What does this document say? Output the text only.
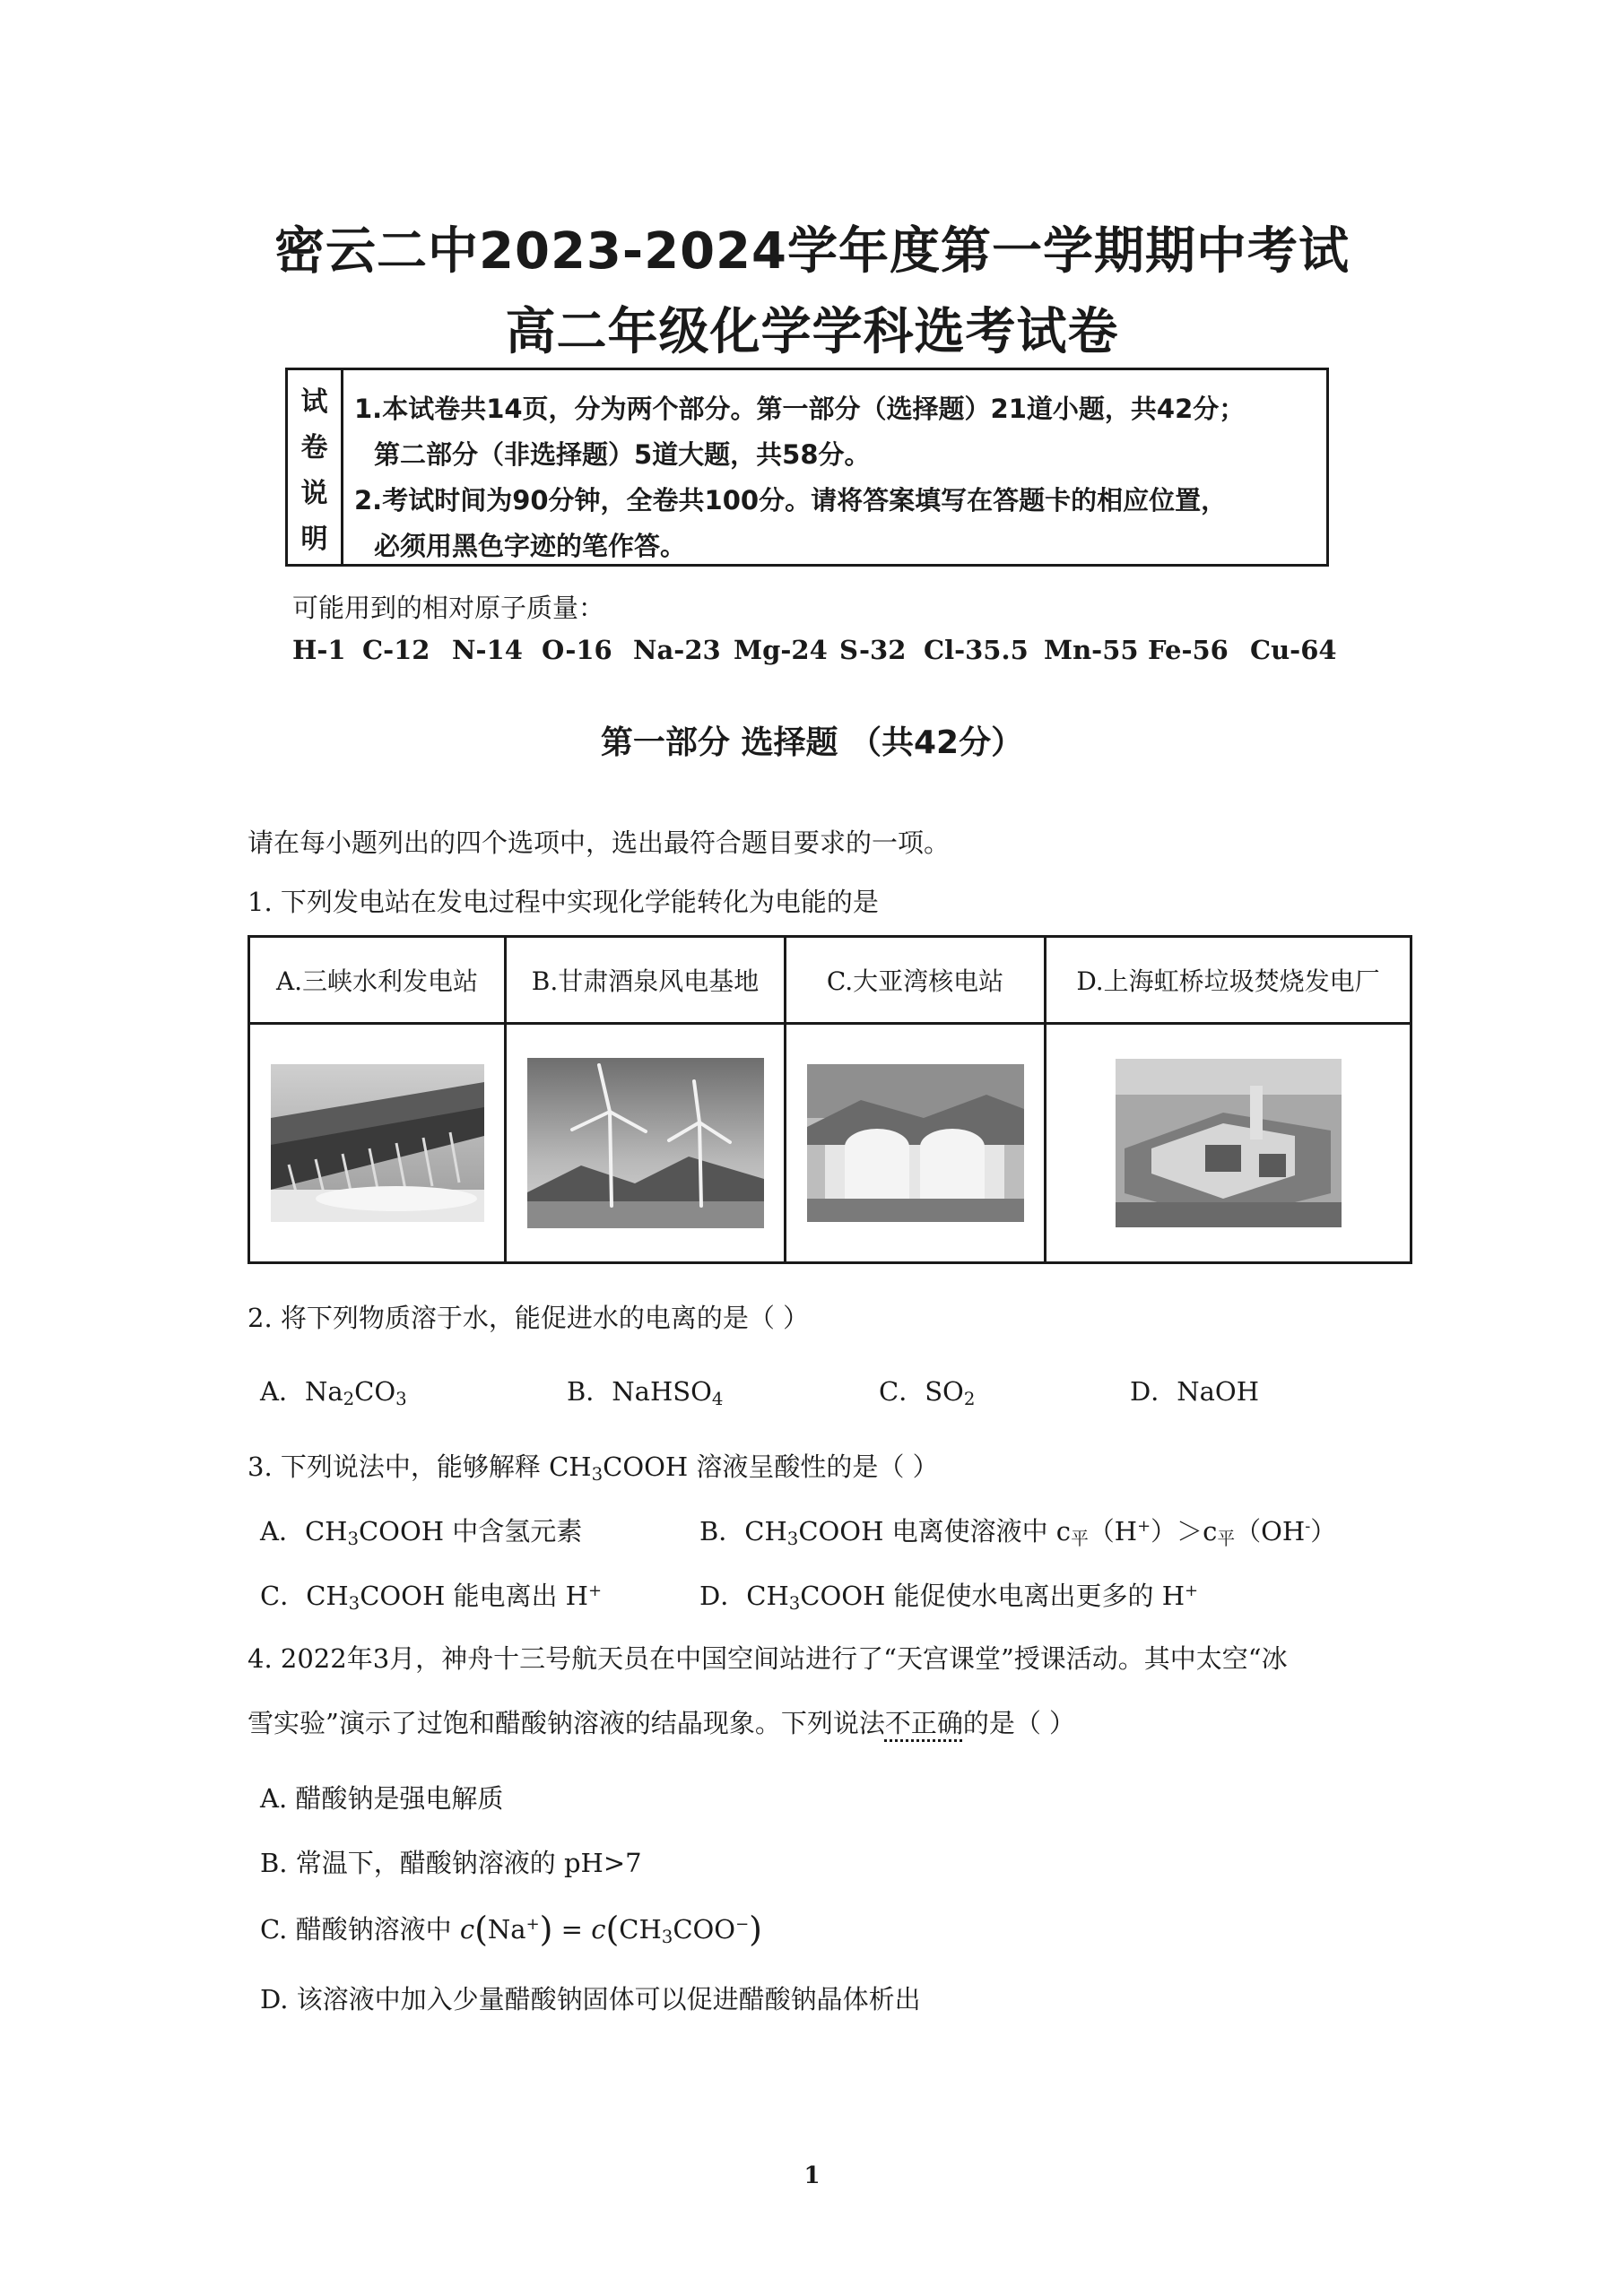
密云二中2023-2024学年度第一学期期中考试
高二年级化学学科选考试卷
试
卷
说
明
1.本试卷共14页，分为两个部分。第一部分（选择题）21道小题，共42分；
第二部分（非选择题）5道大题，共58分。
2.考试时间为90分钟，全卷共100分。请将答案填写在答题卡的相应位置，
必须用黑色字迹的笔作答。
可能用到的相对原子质量：
H-1 C-12 N-14 O-16 Na-23 Mg-24 S-32 Cl-35.5 Mn-55 Fe-56 Cu-64
第一部分 选择题 （共42分）
请在每小题列出的四个选项中，选出最符合题目要求的一项。
1. 下列发电站在发电过程中实现化学能转化为电能的是
A.三峡水利发电站	B.甘肃酒泉风电基地	C.大亚湾核电站	D.上海虹桥垃圾焚烧发电厂

2. 将下列物质溶于水，能促进水的电离的是（ ）
A．$Na_2CO_3$	B．NaHSO$_4$	C．$SO_2$	D．NaOH
3. 下列说法中，能够解释 $CH_3COOH$ 溶液呈酸性的是（ ）
A．$CH_3COOH$ 中含氢元素	B．$CH_3COOH$ 电离使溶液中 $c_平(H^+)>c_平(OH^-)$
C．$CH_3COOH$ 能电离出 H+	D．$CH_3COOH$ 能促使水电离出更多的 H+
4. 2022年3月，神舟十三号航天员在中国空间站进行了“天宫课堂”授课活动。其中太空“冰
雪实验”演示了过饱和醋酸钠溶液的结晶现象。下列说法不正确的是（ ）
A. 醋酸钠是强电解质
B. 常温下，醋酸钠溶液的 pH>7
C. 醋酸钠溶液中 $c(Na^+) = c(CH_3COO^-)$
D. 该溶液中加入少量醋酸钠固体可以促进醋酸钠晶体析出
1
